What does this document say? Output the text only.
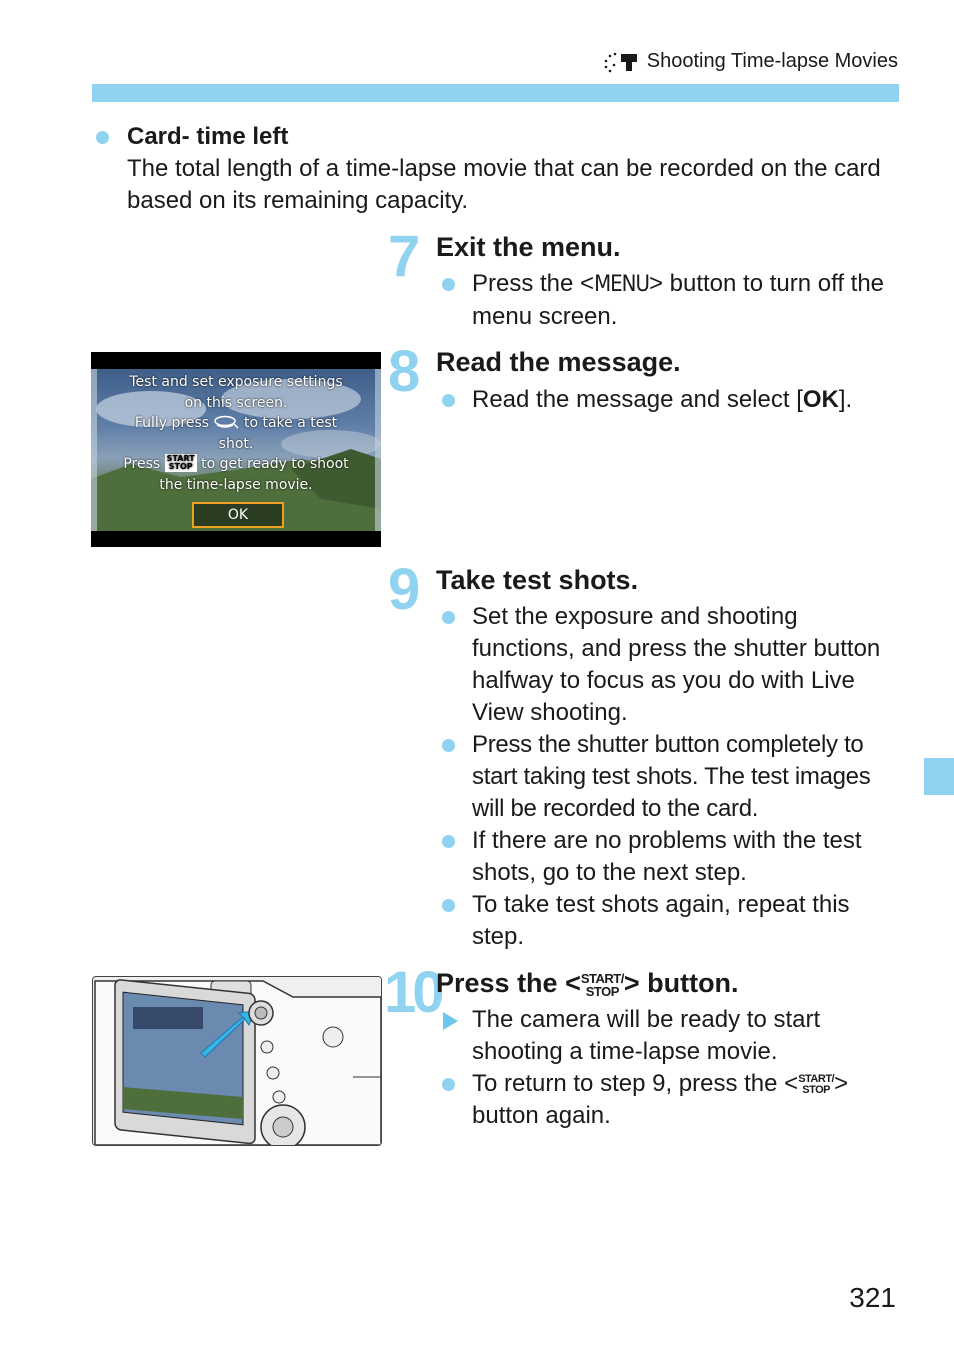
Shooting Time-lapse Movies
Card- time left
The total length of a time-lapse movie that can be recorded on the card based on its remaining capacity.
7 Exit the menu.
Press the <MENU> button to turn off the menu screen.
8 Read the message.
Read the message and select [OK].
Test and set exposure settings
on this screen.
Fully press to take a test
shot.
Press START
STOP to get ready to shoot
the time-lapse movie.
OK
9 Take test shots.
Set the exposure and shooting functions, and press the shutter button halfway to focus as you do with Live View shooting.
Press the shutter button completely to start taking test shots. The test images will be recorded to the card.
If there are no problems with the test shots, go to the next step.
To take test shots again, repeat this step.
10
Press the <START/
STOP > button.
The camera will be ready to start shooting a time-lapse movie.
To return to step 9, press the <START/
STOP > button again.
321
